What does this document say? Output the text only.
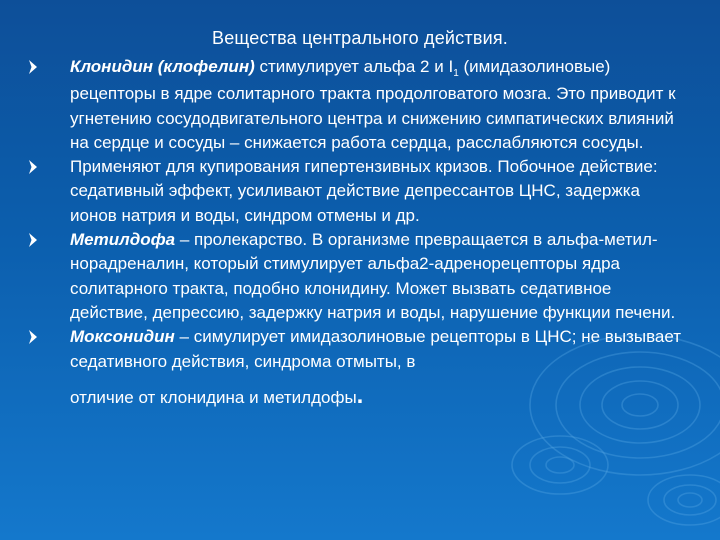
Вещества центрального действия.
Клонидин (клофелин) стимулирует альфа 2 и $I_1$ (имидазолиновые) рецепторы в ядре солитарного тракта продолговатого мозга. Это приводит к угнетению сосудодвигательного центра и снижению симпатических влияний на сердце и сосуды – снижается работа сердца, расслабляются сосуды.
Применяют для купирования гипертензивных кризов. Побочное действие: седативный эффект, усиливают действие депрессантов ЦНС, задержка ионов натрия и воды, синдром отмены и др.
Метилдофа – пролекарство. В организме превращается в альфа-метил-норадреналин, который стимулирует альфа2-адренорецепторы ядра солитарного тракта, подобно клонидину. Может вызвать седативное действие, депрессию, задержку натрия и воды, нарушение функции печени.
Моксонидин – симулирует имидазолиновые рецепторы в ЦНС; не вызывает седативного действия, синдрома отмыты, в
отличие от клонидина и метилдофы.
